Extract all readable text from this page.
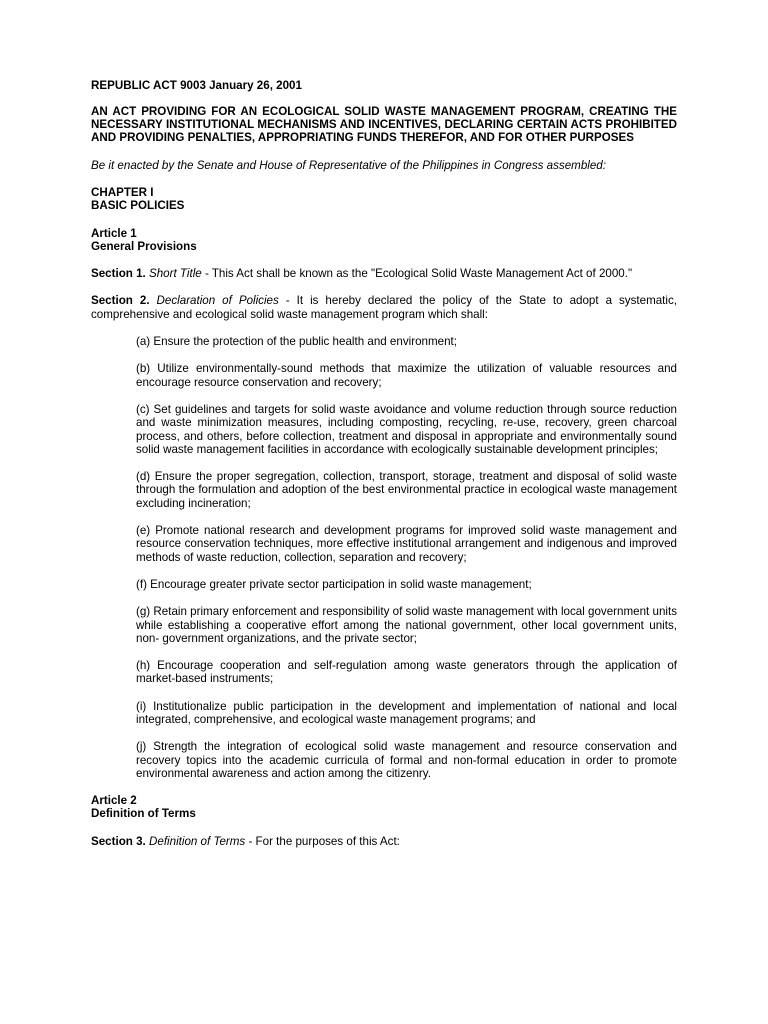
REPUBLIC ACT 9003 January 26, 2001

AN ACT PROVIDING FOR AN ECOLOGICAL SOLID WASTE MANAGEMENT PROGRAM, CREATING THE NECESSARY INSTITUTIONAL MECHANISMS AND INCENTIVES, DECLARING CERTAIN ACTS PROHIBITED AND PROVIDING PENALTIES, APPROPRIATING FUNDS THEREFOR, AND FOR OTHER PURPOSES

Be it enacted by the Senate and House of Representative of the Philippines in Congress assembled:

CHAPTER I

BASIC POLICIES

Article 1

General Provisions

Section 1. Short Title - This Act shall be known as the "Ecological Solid Waste Management Act of 2000."

Section 2. Declaration of Policies - It is hereby declared the policy of the State to adopt a systematic, comprehensive and ecological solid waste management program which shall:

(a) Ensure the protection of the public health and environment;

(b) Utilize environmentally-sound methods that maximize the utilization of valuable resources and encourage resource conservation and recovery;

(c) Set guidelines and targets for solid waste avoidance and volume reduction through source reduction and waste minimization measures, including composting, recycling, re-use, recovery, green charcoal process, and others, before collection, treatment and disposal in appropriate and environmentally sound solid waste management facilities in accordance with ecologically sustainable development principles;

(d) Ensure the proper segregation, collection, transport, storage, treatment and disposal of solid waste through the formulation and adoption of the best environmental practice in ecological waste management excluding incineration;

(e) Promote national research and development programs for improved solid waste management and resource conservation techniques, more effective institutional arrangement and indigenous and improved methods of waste reduction, collection, separation and recovery;

(f) Encourage greater private sector participation in solid waste management;

(g) Retain primary enforcement and responsibility of solid waste management with local government units while establishing a cooperative effort among the national government, other local government units, non- government organizations, and the private sector;

(h) Encourage cooperation and self-regulation among waste generators through the application of market-based instruments;

(i) Institutionalize public participation in the development and implementation of national and local integrated, comprehensive, and ecological waste management programs; and

(j) Strength the integration of ecological solid waste management and resource conservation and recovery topics into the academic curricula of formal and non-formal education in order to promote environmental awareness and action among the citizenry.

Article 2

Definition of Terms

Section 3. Definition of Terms - For the purposes of this Act:
